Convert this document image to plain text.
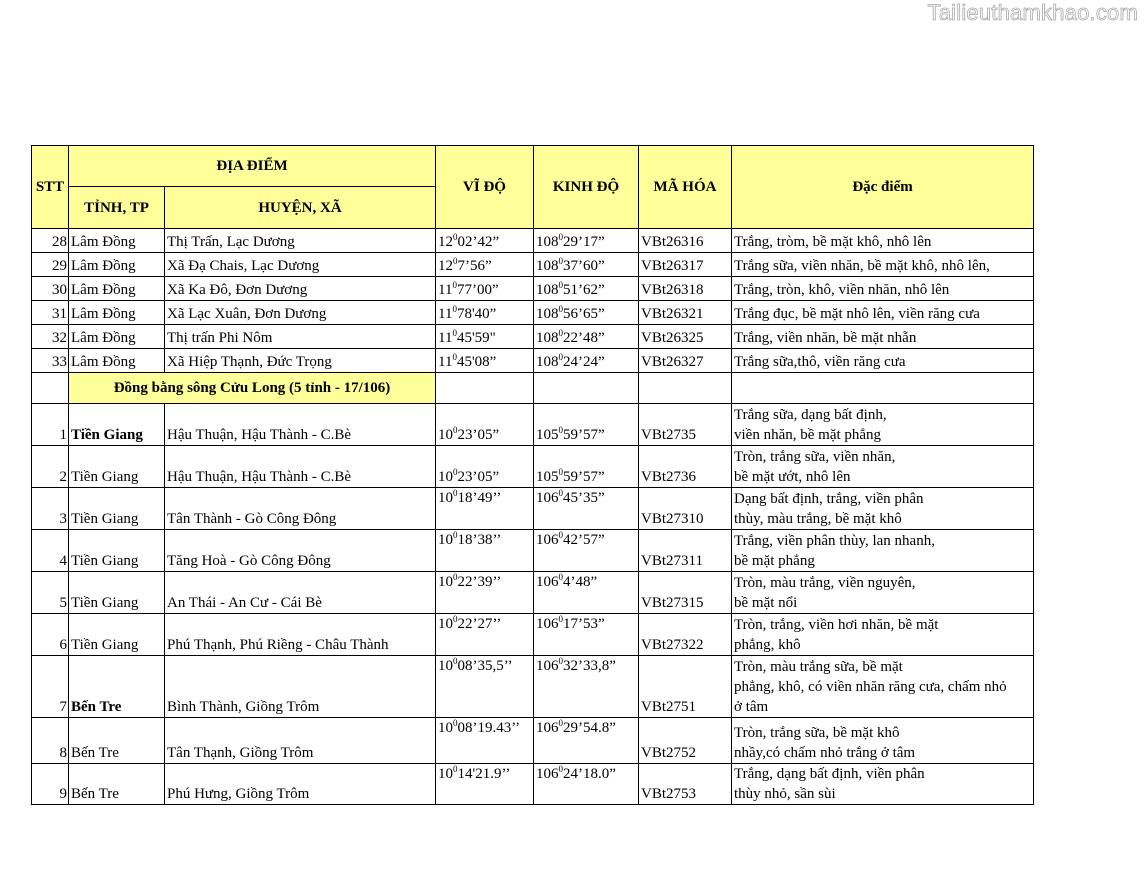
Tailieuthamkhao.com
STT	ĐỊA ĐIỂM		VĨ ĐỘ	KINH ĐỘ	MÃ HÓA	Đặc điểm
	TỈNH, TP	HUYỆN, XÃ				
28	Lâm Đồng	Thị Trấn, Lạc Dương	$12^002’42$”	$108^029’17$”	VBt26316	Trắng, tròm, bề mặt khô, nhô lên
29	Lâm Đồng	Xã Đạ Chais, Lạc Dương	$12^07’56$”	$108^037’60$”	VBt26317	Trắng sữa, viền nhăn, bề mặt khô, nhô lên,
30	Lâm Đồng	Xã Ka Đô, Đơn Dương	$11^077’00$”	$108^051’62$”	VBt26318	Trắng, tròn, khô, viền nhăn, nhô lên
31	Lâm Đồng	Xã Lạc Xuân, Đơn Dương	$11^078'40$”	$108^056’65$”	VBt26321	Trắng đục, bề mặt nhô lên, viền răng cưa
32	Lâm Đồng	Thị trấn Phi Nôm	$11^045'59$"	$108^022’48$”	VBt26325	Trắng, viền nhăn, bề mặt nhẵn
33	Lâm Đồng	Xã Hiệp Thạnh, Đức Trọng	$11^045'08$”	$108^024’24$”	VBt26327	Trắng sữa,thô, viền răng cưa
	Đồng bằng sông Cửu Long (5 tỉnh - 17/106)					
1	Tiền Giang	Hậu Thuận, Hậu Thành - C.Bè	$10^023’05$”	$105^059’57$”	VBt2735	Trắng sữa, dạng bất định,
viền nhăn, bề mặt phẳng

2	Tiền Giang	Hậu Thuận, Hậu Thành - C.Bè	$10^023’05$”	$105^059’57$”	VBt2736	Tròn, trắng sữa, viền nhăn,
bề mặt ướt, nhô lên

3	Tiền Giang	Tân Thành - Gò Công Đông	$10^018’49$’’	$106^045’35$”	VBt27310	Dạng bất định, trắng, viền phân
thùy, màu trắng, bề mặt khô

4	Tiền Giang	Tăng Hoà - Gò Công Đông	$10^018’38$’’	$106^042’57$”	VBt27311	Trắng, viền phân thùy, lan nhanh,
bề mặt phẳng

5	Tiền Giang	An Thái - An Cư - Cái Bè	$10^022’39$’’	$106^04’48$”	VBt27315	Tròn, màu trắng, viền nguyên,
bề mặt nổi

6	Tiền Giang	Phú Thạnh, Phú Riềng - Châu Thành	$10^022’27$’’	$106^017’53$”	VBt27322	Tròn, trắng, viền hơi nhăn, bề mặt
phẳng, khô

7	Bến Tre	Bình Thành, Giồng Trôm	$10^008’35,5$’’	$106^032’33,8$”	VBt2751	Tròn, màu trắng sữa, bề mặt
phẳng, khô, có viền nhăn răng cưa, chấm nhỏ
ở tâm

8	Bến Tre	Tân Thạnh, Giồng Trôm	$10^008’19.43$’’	$106^029’54.8$”	VBt2752	Tròn, trắng sữa, bề mặt khô
nhầy,có chấm nhỏ trắng ở tâm

9	Bến Tre	Phú Hưng, Giồng Trôm	$10^014'21.9$’’	$106^024’18.0$”	VBt2753	Trắng, dạng bất định, viền phân
thùy nhỏ, sần sùi
